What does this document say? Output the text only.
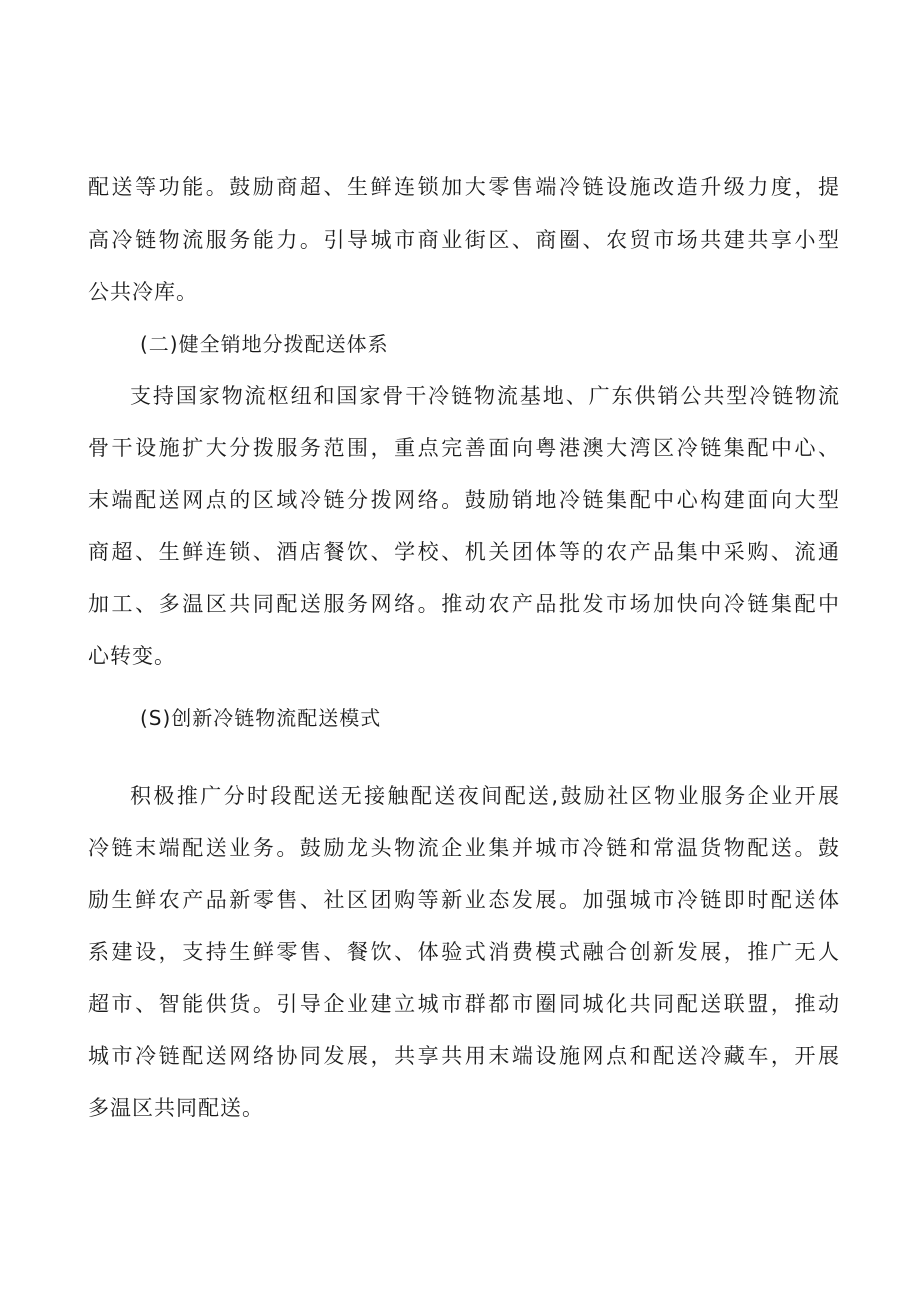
配送等功能。鼓励商超、生鲜连锁加大零售端冷链设施改造升级力度，提
高冷链物流服务能力。引导城市商业街区、商圈、农贸市场共建共享小型
公共冷库。
(二)健全销地分拨配送体系
支持国家物流枢纽和国家骨干冷链物流基地、广东供销公共型冷链物流
骨干设施扩大分拨服务范围，重点完善面向粤港澳大湾区冷链集配中心、
末端配送网点的区域冷链分拨网络。鼓励销地冷链集配中心构建面向大型
商超、生鲜连锁、酒店餐饮、学校、机关团体等的农产品集中采购、流通
加工、多温区共同配送服务网络。推动农产品批发市场加快向冷链集配中
心转变。
(S)创新冷链物流配送模式
积极推广分时段配送无接触配送夜间配送,鼓励社区物业服务企业开展
冷链末端配送业务。鼓励龙头物流企业集并城市冷链和常温货物配送。鼓
励生鲜农产品新零售、社区团购等新业态发展。加强城市冷链即时配送体
系建设，支持生鲜零售、餐饮、体验式消费模式融合创新发展，推广无人
超市、智能供货。引导企业建立城市群都市圈同城化共同配送联盟，推动
城市冷链配送网络协同发展，共享共用末端设施网点和配送冷藏车，开展
多温区共同配送。
